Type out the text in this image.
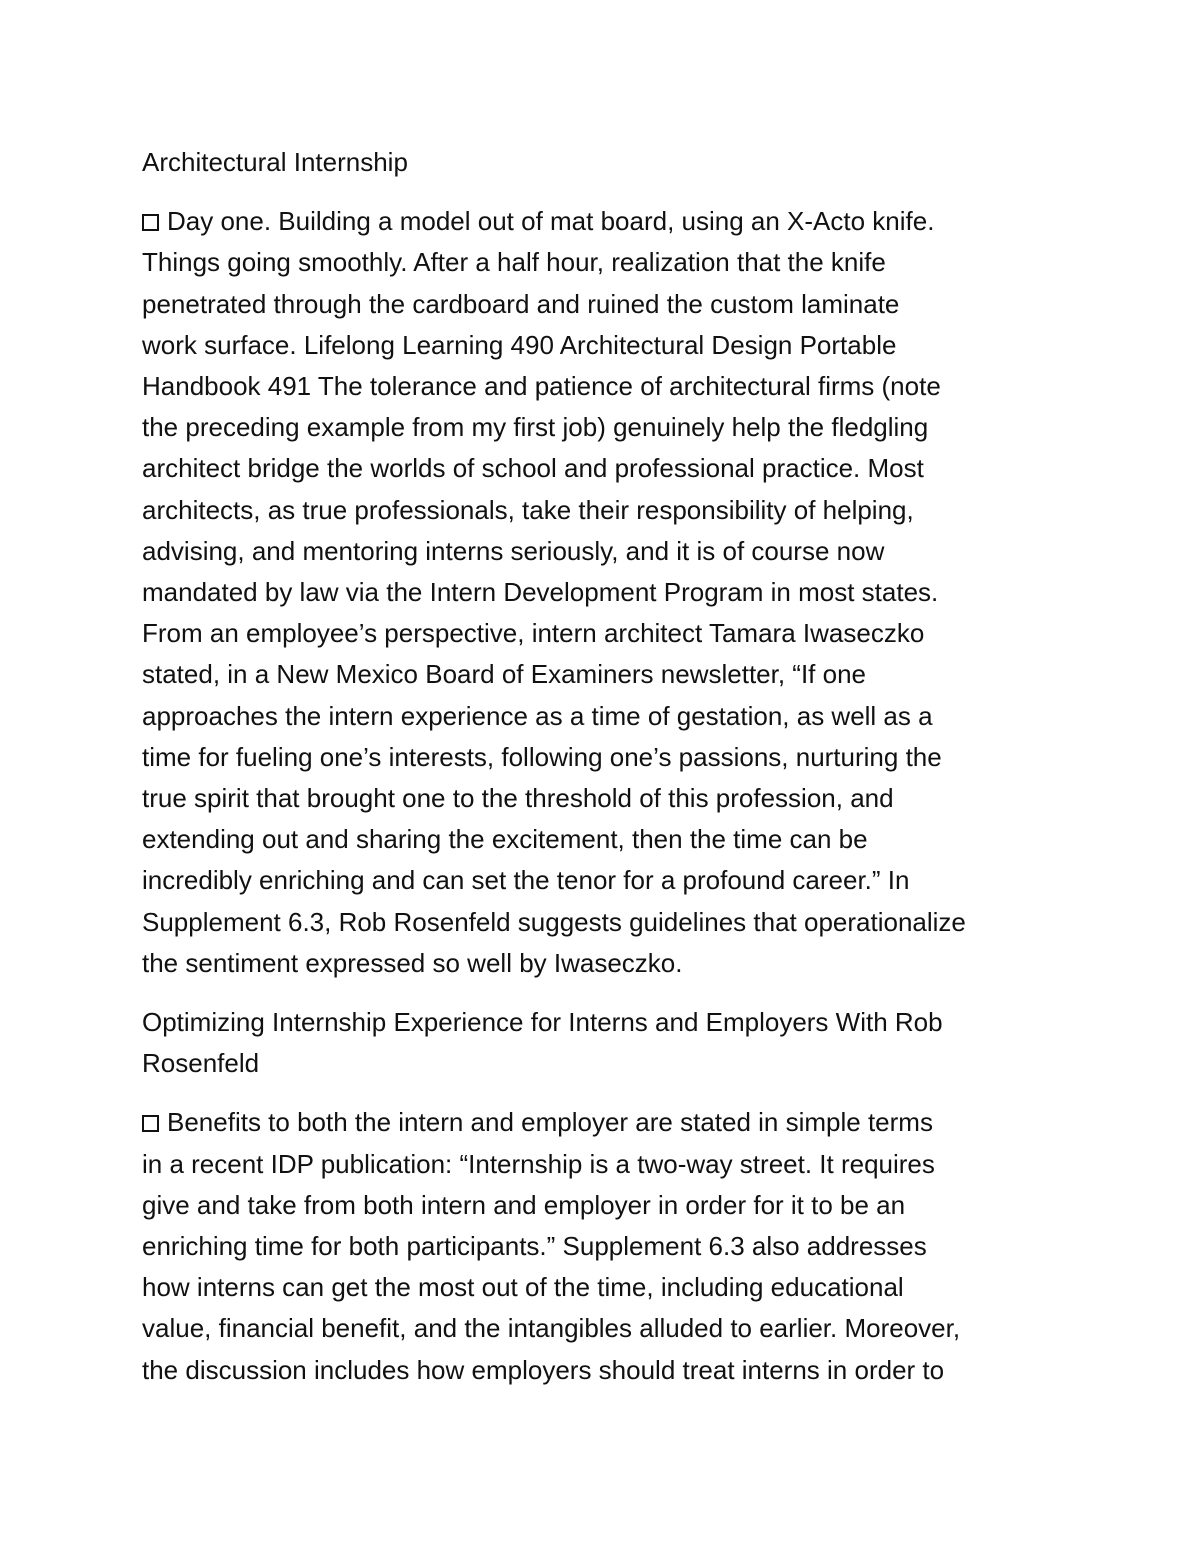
Architectural Internship
Day one. Building a model out of mat board, using an X-Acto knife.
Things going smoothly. After a half hour, realization that the knife
penetrated through the cardboard and ruined the custom laminate
work surface. Lifelong Learning 490 Architectural Design Portable
Handbook 491 The tolerance and patience of architectural firms (note
the preceding example from my first job) genuinely help the fledgling
architect bridge the worlds of school and professional practice. Most
architects, as true professionals, take their responsibility of helping,
advising, and mentoring interns seriously, and it is of course now
mandated by law via the Intern Development Program in most states.
From an employee’s perspective, intern architect Tamara Iwaseczko
stated, in a New Mexico Board of Examiners newsletter, “If one
approaches the intern experience as a time of gestation, as well as a
time for fueling one’s interests, following one’s passions, nurturing the
true spirit that brought one to the threshold of this profession, and
extending out and sharing the excitement, then the time can be
incredibly enriching and can set the tenor for a profound career.” In
Supplement 6.3, Rob Rosenfeld suggests guidelines that operationalize
the sentiment expressed so well by Iwaseczko.
Optimizing Internship Experience for Interns and Employers With Rob
Rosenfeld
Benefits to both the intern and employer are stated in simple terms
in a recent IDP publication: “Internship is a two-way street. It requires
give and take from both intern and employer in order for it to be an
enriching time for both participants.” Supplement 6.3 also addresses
how interns can get the most out of the time, including educational
value, financial benefit, and the intangibles alluded to earlier. Moreover,
the discussion includes how employers should treat interns in order to
